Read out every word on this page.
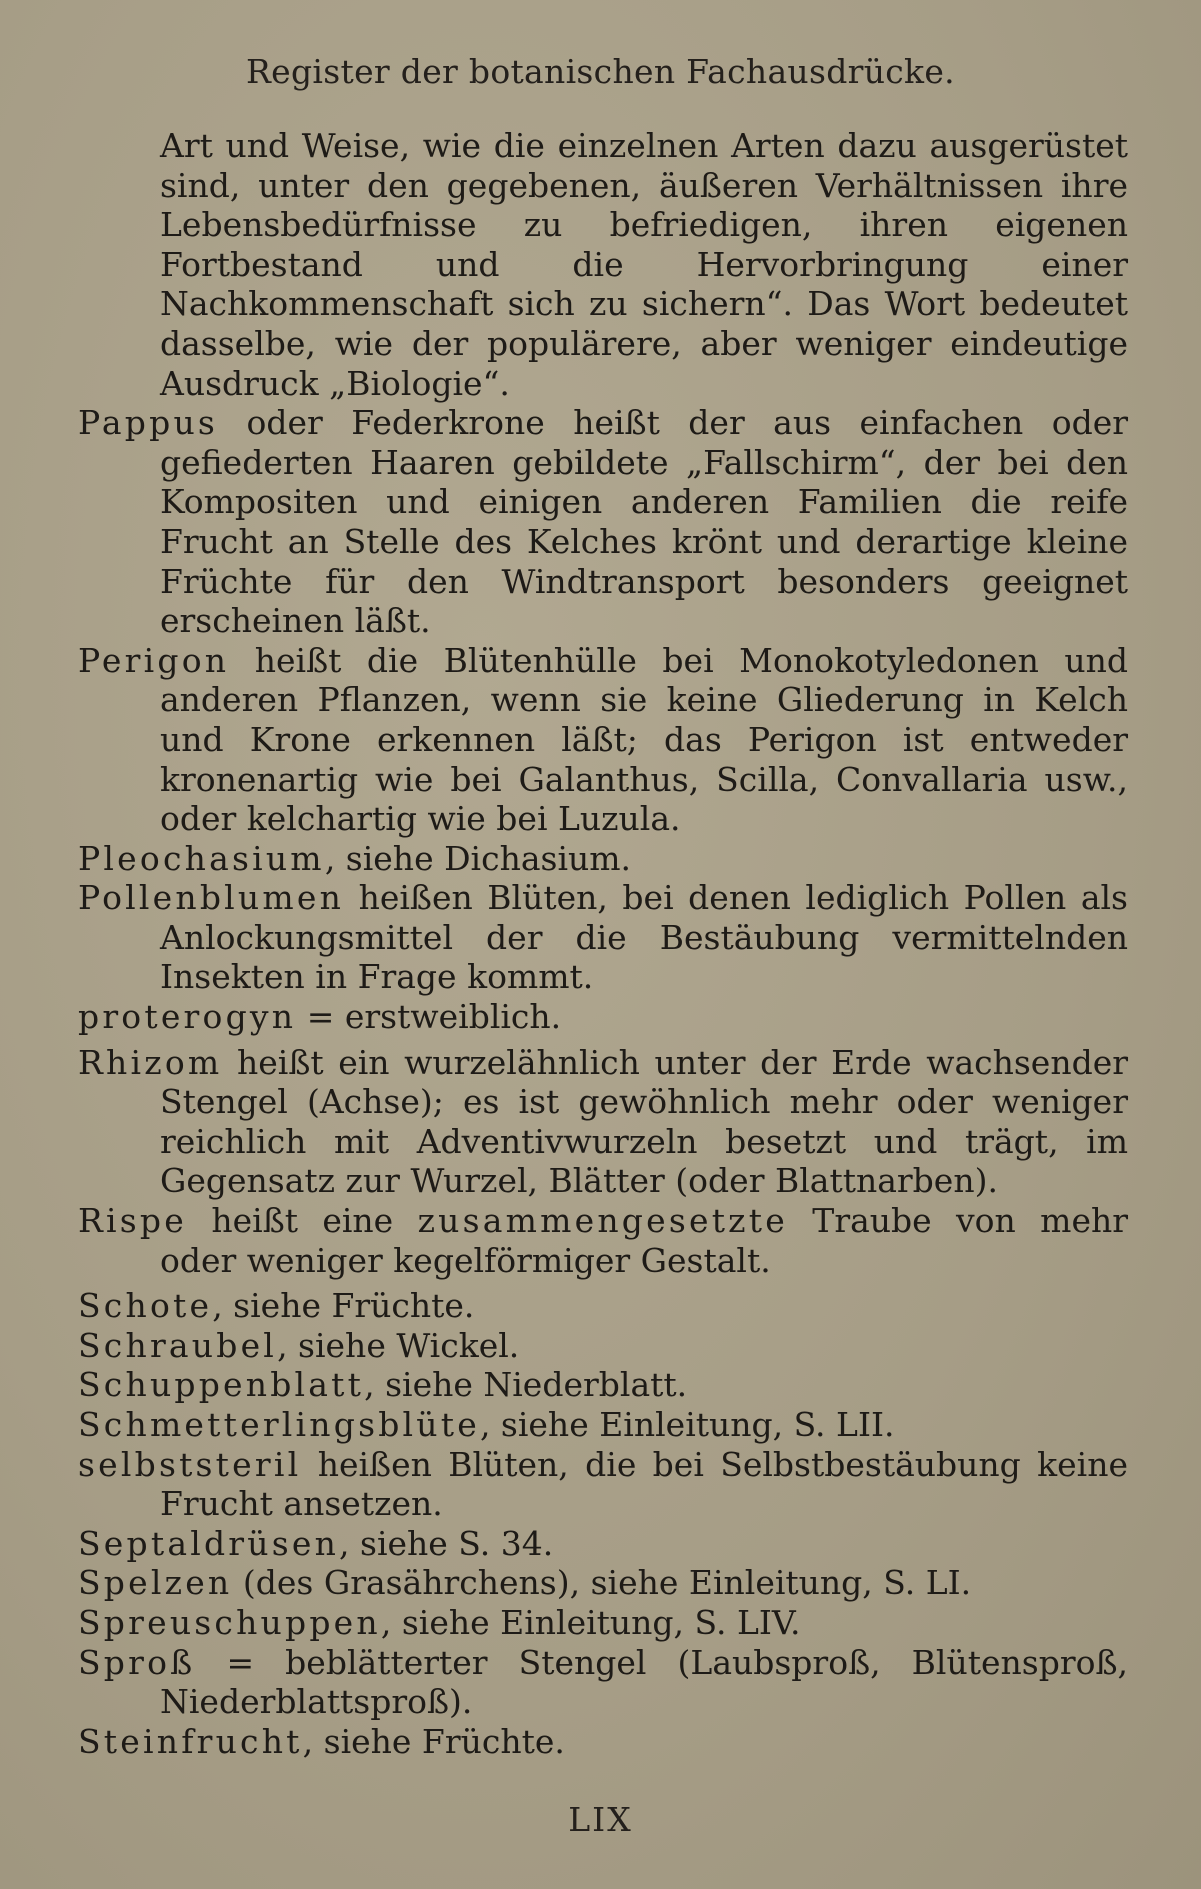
Register der botanischen Fachausdrücke.

Art und Weise, wie die einzelnen Arten dazu ausgerüstet sind, unter den gegebenen, äußeren Verhältnissen ihre Lebensbedürfnisse zu befriedigen, ihren eigenen Fortbestand und die Hervorbringung einer Nachkommenschaft sich zu sichern“. Das Wort bedeutet dasselbe, wie der populärere, aber weniger eindeutige Ausdruck „Biologie“.

Pappus oder Federkrone heißt der aus einfachen oder gefiederten Haaren gebildete „Fallschirm“, der bei den Kompositen und einigen anderen Familien die reife Frucht an Stelle des Kelches krönt und derartige kleine Früchte für den Windtransport besonders geeignet erscheinen läßt.

Perigon heißt die Blütenhülle bei Monokotyledonen und anderen Pflanzen, wenn sie keine Gliederung in Kelch und Krone erkennen läßt; das Perigon ist entweder kronenartig wie bei Galanthus, Scilla, Convallaria usw., oder kelchartig wie bei Luzula.

Pleochasium, siehe Dichasium.

Pollenblumen heißen Blüten, bei denen lediglich Pollen als Anlockungsmittel der die Bestäubung vermittelnden Insekten in Frage kommt.

proterogyn = erstweiblich.

Rhizom heißt ein wurzelähnlich unter der Erde wachsender Stengel (Achse); es ist gewöhnlich mehr oder weniger reichlich mit Adventivwurzeln besetzt und trägt, im Gegensatz zur Wurzel, Blätter (oder Blattnarben).

Rispe heißt eine zusammengesetzte Traube von mehr oder weniger kegelförmiger Gestalt.

Schote, siehe Früchte.

Schraubel, siehe Wickel.

Schuppenblatt, siehe Niederblatt.

Schmetterlingsblüte, siehe Einleitung, S. LII.

selbststeril heißen Blüten, die bei Selbstbestäubung keine Frucht ansetzen.

Septaldrüsen, siehe S. 34.

Spelzen (des Grasährchens), siehe Einleitung, S. LI.

Spreuschuppen, siehe Einleitung, S. LIV.

Sproß = beblätterter Stengel (Laubsproß, Blütensproß, Niederblattsproß).

Steinfrucht, siehe Früchte.

LIX
